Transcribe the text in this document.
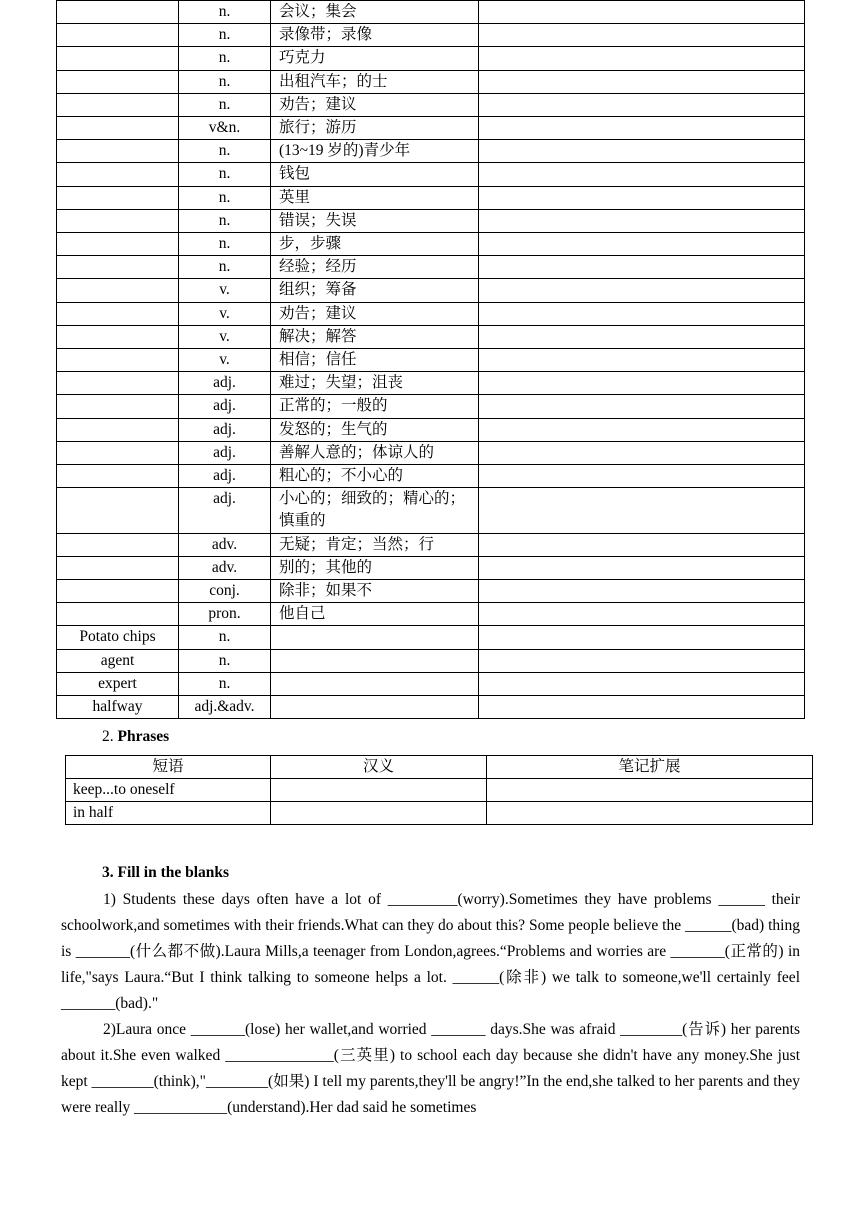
	n.	会议；集会	
	n.	录像带；录像	
	n.	巧克力	
	n.	出租汽车；的士	
	n.	劝告；建议	
	v&n.	旅行；游历	
	n.	(13~19 岁的)青少年	
	n.	钱包	
	n.	英里	
	n.	错误；失误	
	n.	步，步骤	
	n.	经验；经历	
	v.	组织；筹备	
	v.	劝告；建议	
	v.	解决；解答	
	v.	相信；信任	
	adj.	难过；失望；沮丧	
	adj.	正常的；一般的	
	adj.	发怒的；生气的	
	adj.	善解人意的；体谅人的	
	adj.	粗心的；不小心的	
	adj.	小心的；细致的；精心的；慎重的	
	adv.	无疑；肯定；当然；行	
	adv.	别的；其他的	
	conj.	除非；如果不	
	pron.	他自己	
Potato chips	n.		
agent	n.		
expert	n.		
halfway	adj.&adv.		
2. Phrases
短语	汉义	笔记扩展
keep...to oneself		
in half		
3. Fill in the blanks

1) Students these days often have a lot of _________(worry).Sometimes they have problems ______ their schoolwork,and sometimes with their friends.What can they do about this? Some people believe the ______(bad) thing is _______(什么都不做).Laura Mills,a teenager from London,agrees.“Problems and worries are _______(正常的) in life,"says Laura.“But I think talking to someone helps a lot. ______(除非) we talk to someone,we'll certainly feel _______(bad)."

2)Laura once _______(lose) her wallet,and worried _______ days.She was afraid ________(告诉) her parents about it.She even walked ______________(三英里) to school each day because she didn't have any money.She just kept ________(think),"________(如果) I tell my parents,they'll be angry!”In the end,she talked to her parents and they were really ____________(understand).Her dad said he sometimes
